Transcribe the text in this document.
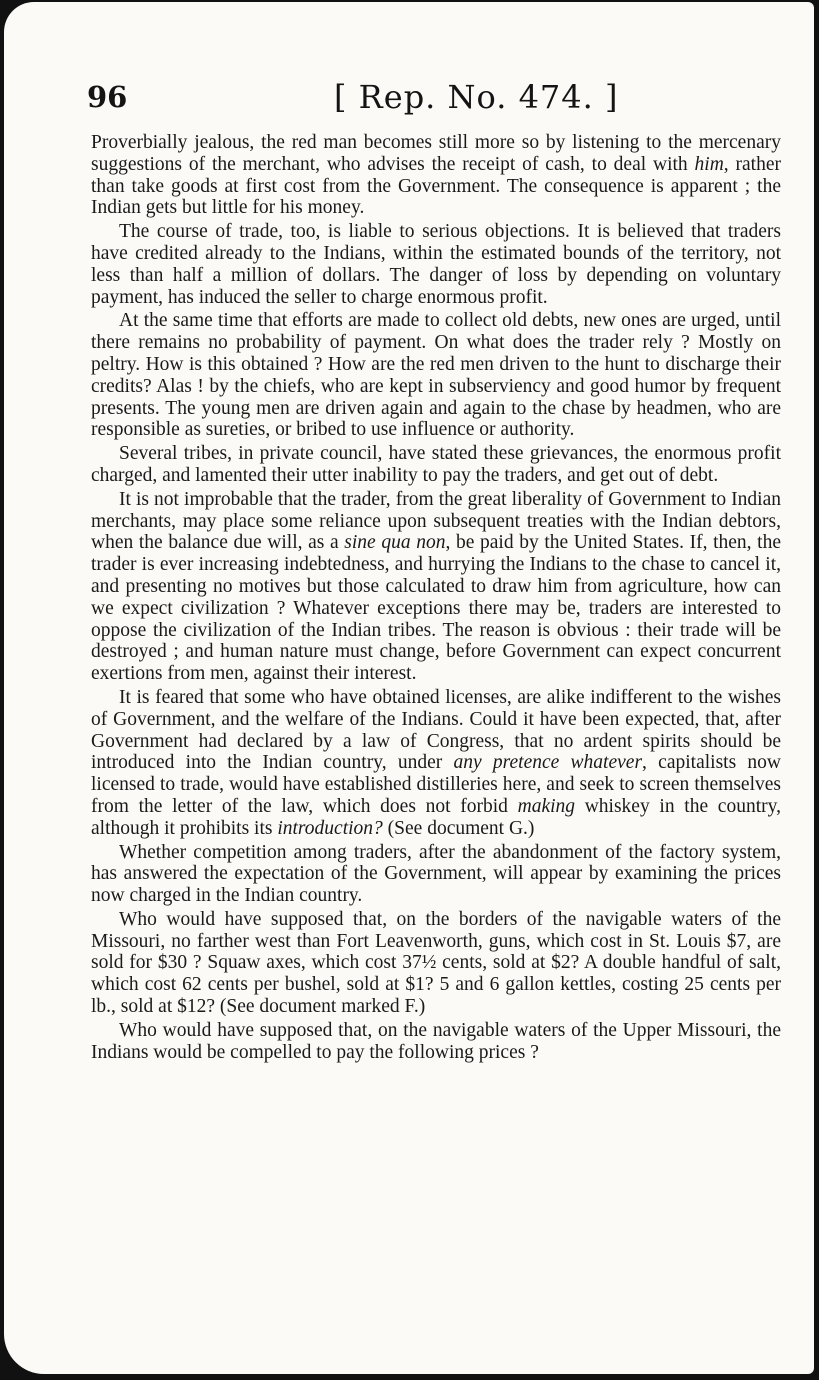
96	[ Rep. No. 474. ]

Proverbially jealous, the red man becomes still more so by listening to the mercenary suggestions of the merchant, who advises the receipt of cash, to deal with him, rather than take goods at first cost from the Government. The consequence is apparent ; the Indian gets but little for his money.

The course of trade, too, is liable to serious objections. It is believed that traders have credited already to the Indians, within the estimated bounds of the territory, not less than half a million of dollars. The danger of loss by depending on voluntary payment, has induced the seller to charge enormous profit.

At the same time that efforts are made to collect old debts, new ones are urged, until there remains no probability of payment. On what does the trader rely ? Mostly on peltry. How is this obtained ? How are the red men driven to the hunt to discharge their credits? Alas ! by the chiefs, who are kept in subserviency and good humor by frequent presents. The young men are driven again and again to the chase by headmen, who are responsible as sureties, or bribed to use influence or authority.

Several tribes, in private council, have stated these grievances, the enormous profit charged, and lamented their utter inability to pay the traders, and get out of debt.

It is not improbable that the trader, from the great liberality of Government to Indian merchants, may place some reliance upon subsequent treaties with the Indian debtors, when the balance due will, as a sine qua non, be paid by the United States. If, then, the trader is ever increasing indebtedness, and hurrying the Indians to the chase to cancel it, and presenting no motives but those calculated to draw him from agriculture, how can we expect civilization ? Whatever exceptions there may be, traders are interested to oppose the civilization of the Indian tribes. The reason is obvious : their trade will be destroyed ; and human nature must change, before Government can expect concurrent exertions from men, against their interest.

It is feared that some who have obtained licenses, are alike indifferent to the wishes of Government, and the welfare of the Indians. Could it have been expected, that, after Government had declared by a law of Congress, that no ardent spirits should be introduced into the Indian country, under any pretence whatever, capitalists now licensed to trade, would have established distilleries here, and seek to screen themselves from the letter of the law, which does not forbid making whiskey in the country, although it prohibits its introduction? (See document G.)

Whether competition among traders, after the abandonment of the factory system, has answered the expectation of the Government, will appear by examining the prices now charged in the Indian country.

Who would have supposed that, on the borders of the navigable waters of the Missouri, no farther west than Fort Leavenworth, guns, which cost in St. Louis $7, are sold for $30 ? Squaw axes, which cost 37½ cents, sold at $2? A double handful of salt, which cost 62 cents per bushel, sold at $1? 5 and 6 gallon kettles, costing 25 cents per lb., sold at $12? (See document marked F.)

Who would have supposed that, on the navigable waters of the Upper Missouri, the Indians would be compelled to pay the following prices ?
